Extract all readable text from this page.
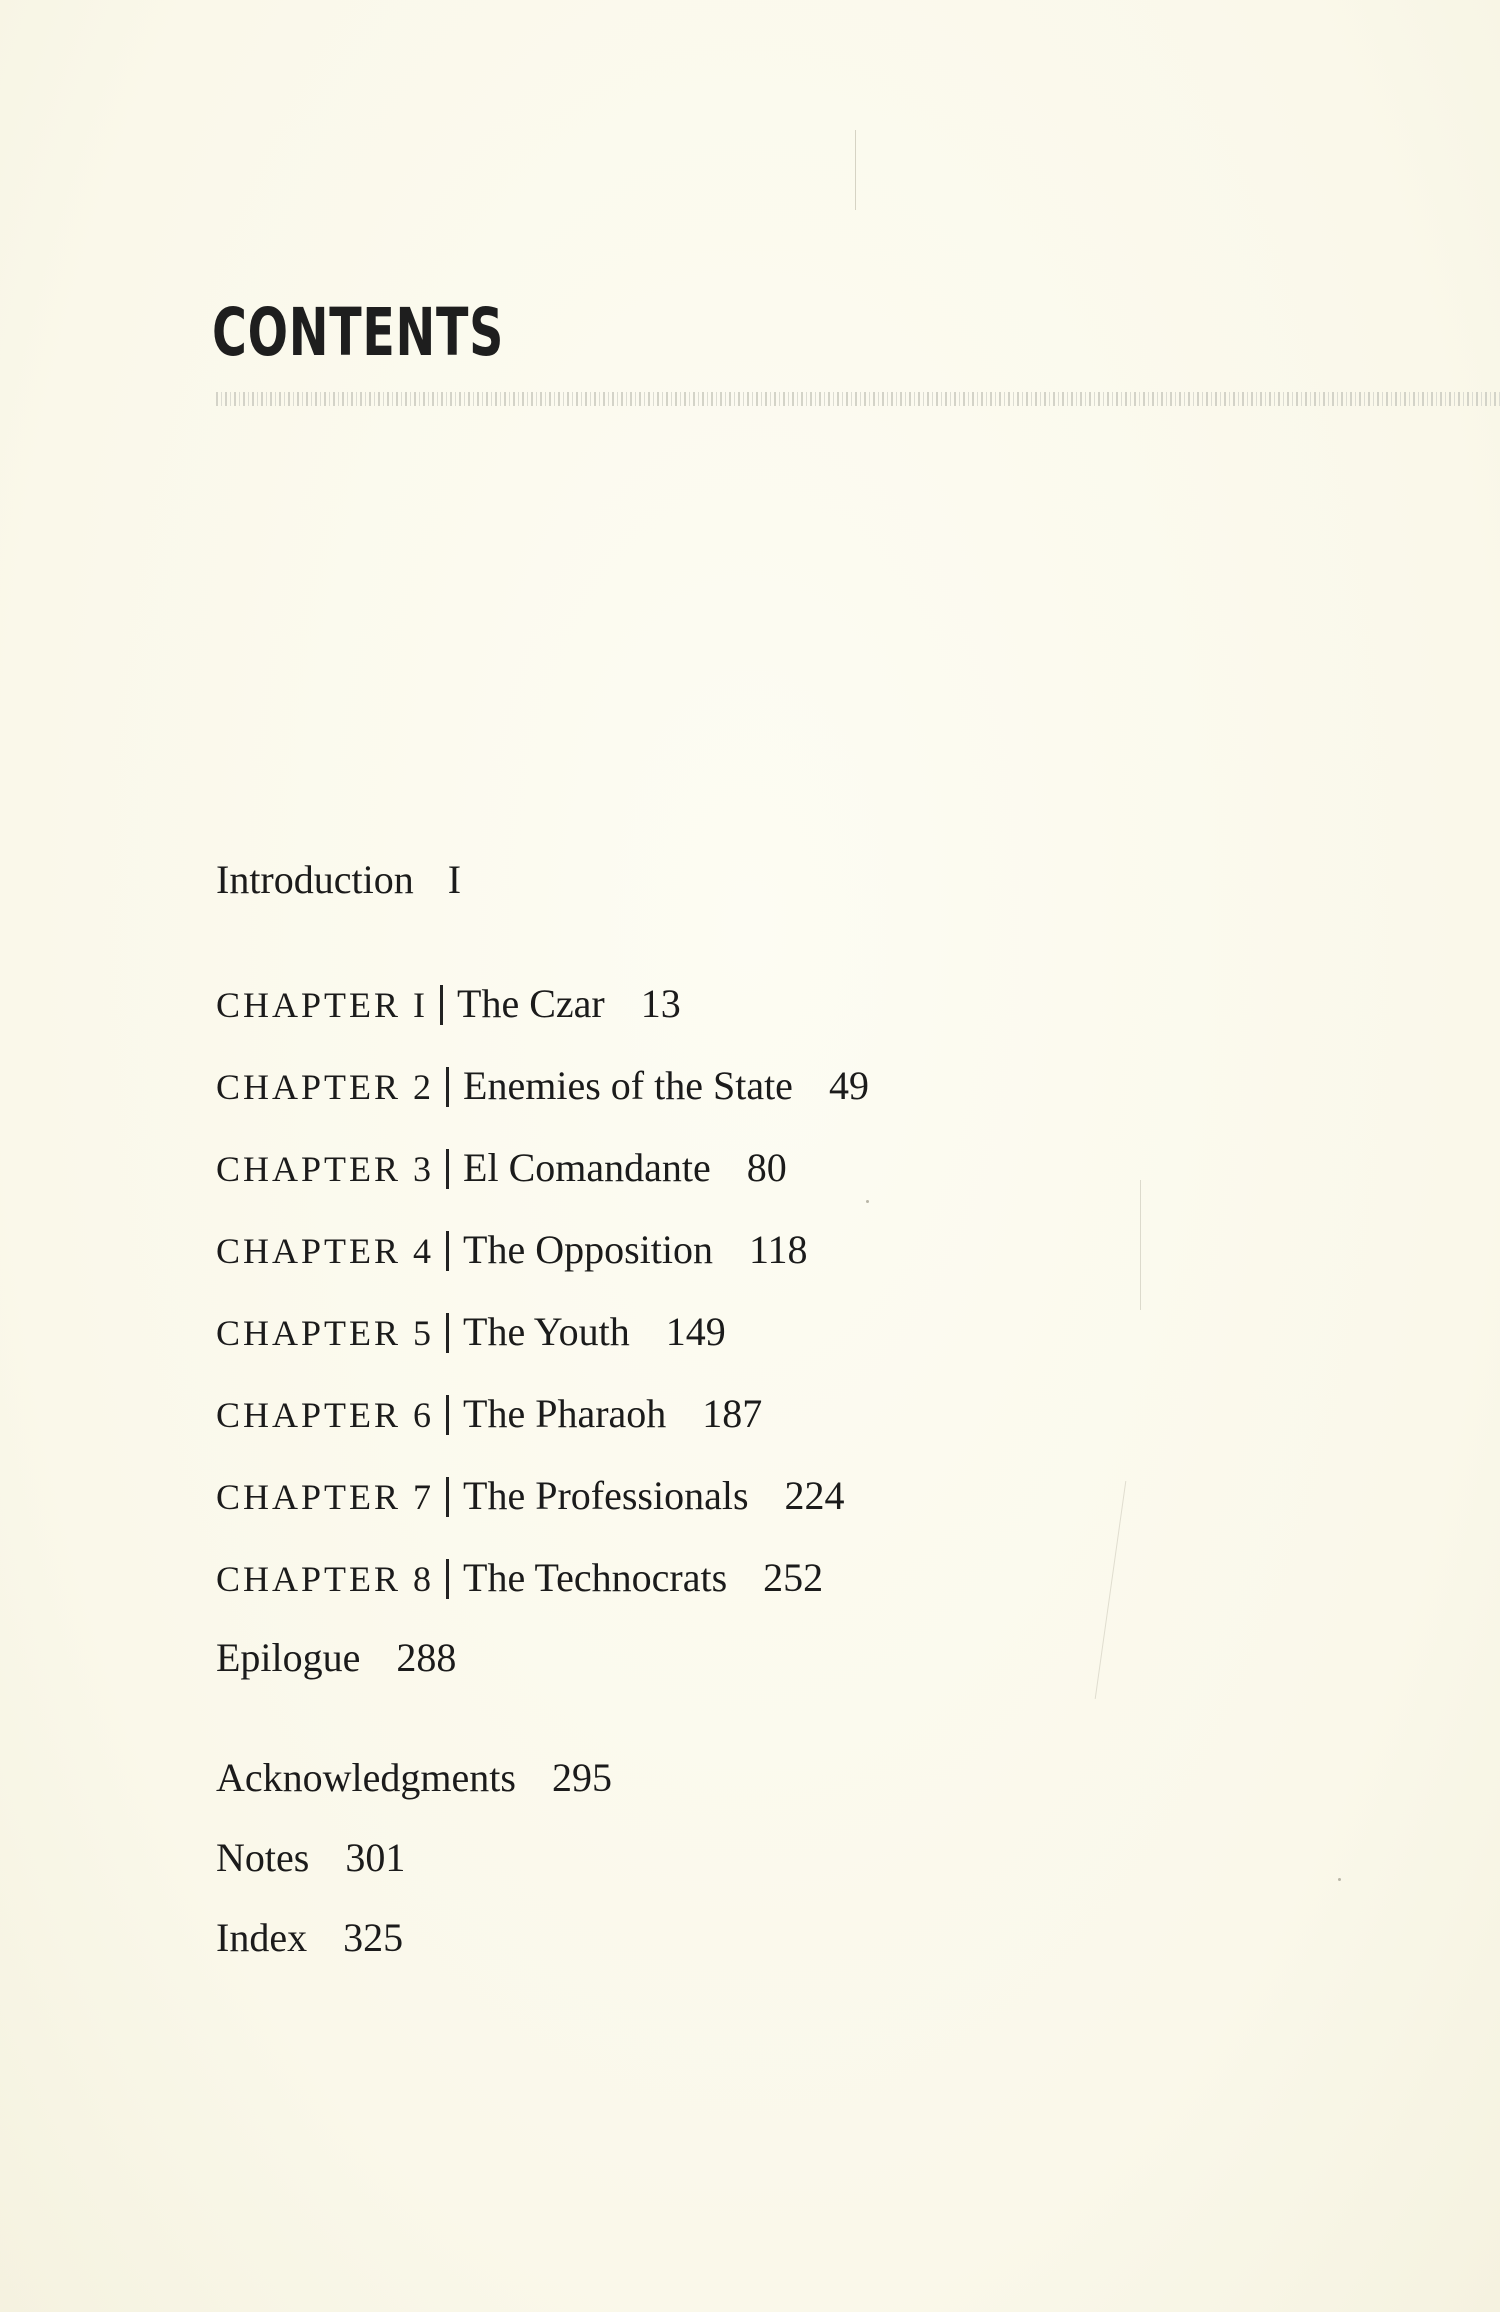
CONTENTS
Introduction I
CHAPTER I The Czar 13
CHAPTER 2 Enemies of the State 49
CHAPTER 3 El Comandante 80
CHAPTER 4 The Opposition 118
CHAPTER 5 The Youth 149
CHAPTER 6 The Pharaoh 187
CHAPTER 7 The Professionals 224
CHAPTER 8 The Technocrats 252
Epilogue 288
Acknowledgments 295
Notes 301
Index 325
